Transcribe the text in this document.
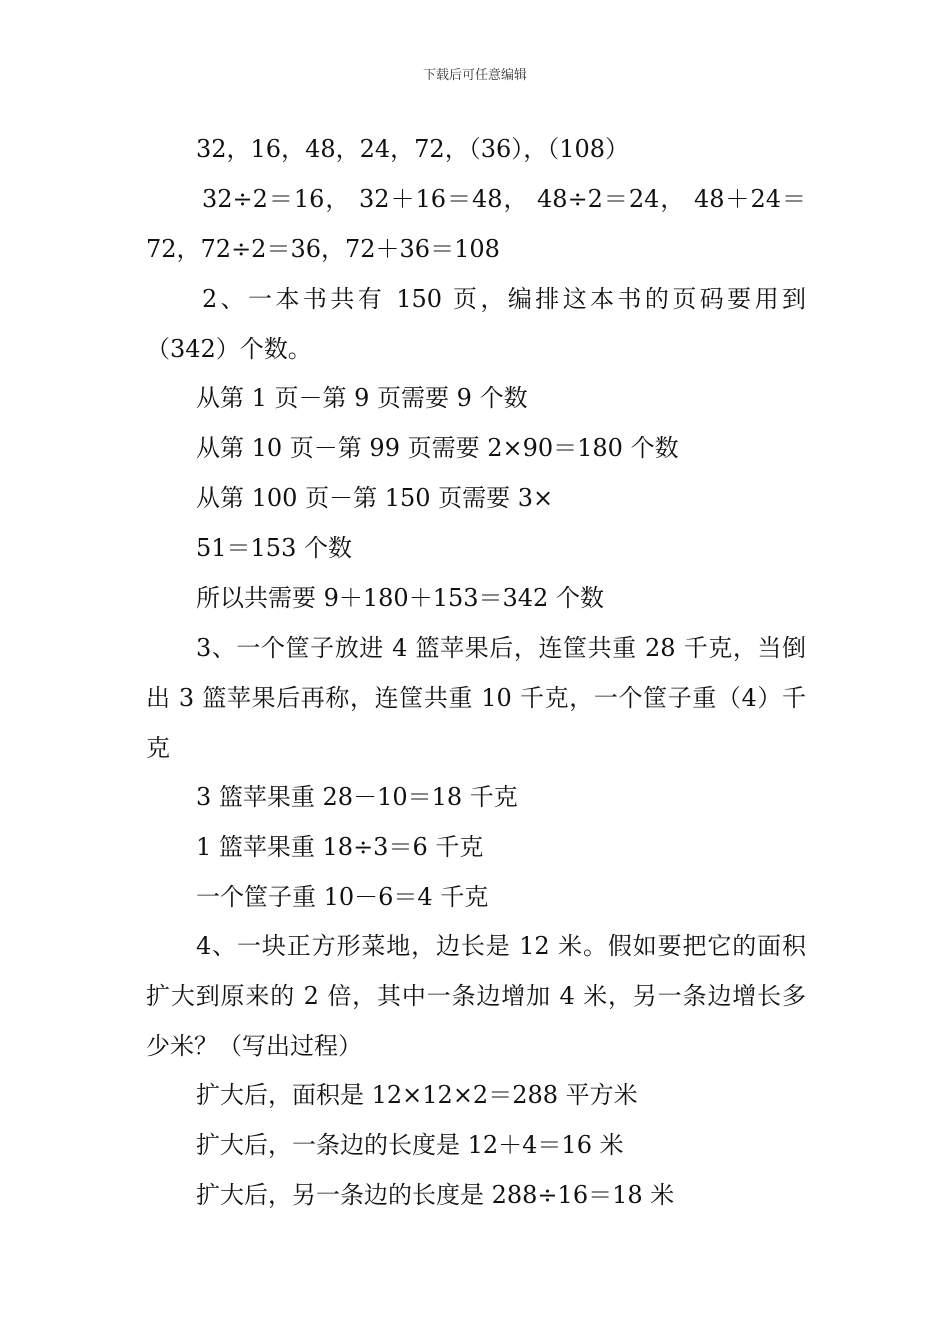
下载后可任意编辑
32，16，48，24，72，（36），（108）
32÷2＝16， 32＋16＝48， 48÷2＝24， 48＋24＝
72，72÷2＝36，72＋36＝108
2、一本书共有 150 页，编排这本书的页码要用到
（342）个数。
从第 1 页－第 9 页需要 9 个数
从第 10 页－第 99 页需要 2×90＝180 个数
从第 100 页－第 150 页需要 3×
51＝153 个数
所以共需要 9＋180＋153＝342 个数
3、一个筐子放进 4 篮苹果后，连筐共重 28 千克，当倒
出 3 篮苹果后再称，连筐共重 10 千克，一个筐子重（4）千
克
3 篮苹果重 28－10＝18 千克
1 篮苹果重 18÷3＝6 千克
一个筐子重 10－6＝4 千克
4、一块正方形菜地，边长是 12 米。假如要把它的面积
扩大到原来的 2 倍，其中一条边增加 4 米，另一条边增长多
少米？（写出过程）
扩大后，面积是 12×12×2＝288 平方米
扩大后，一条边的长度是 12＋4＝16 米
扩大后，另一条边的长度是 288÷16＝18 米
